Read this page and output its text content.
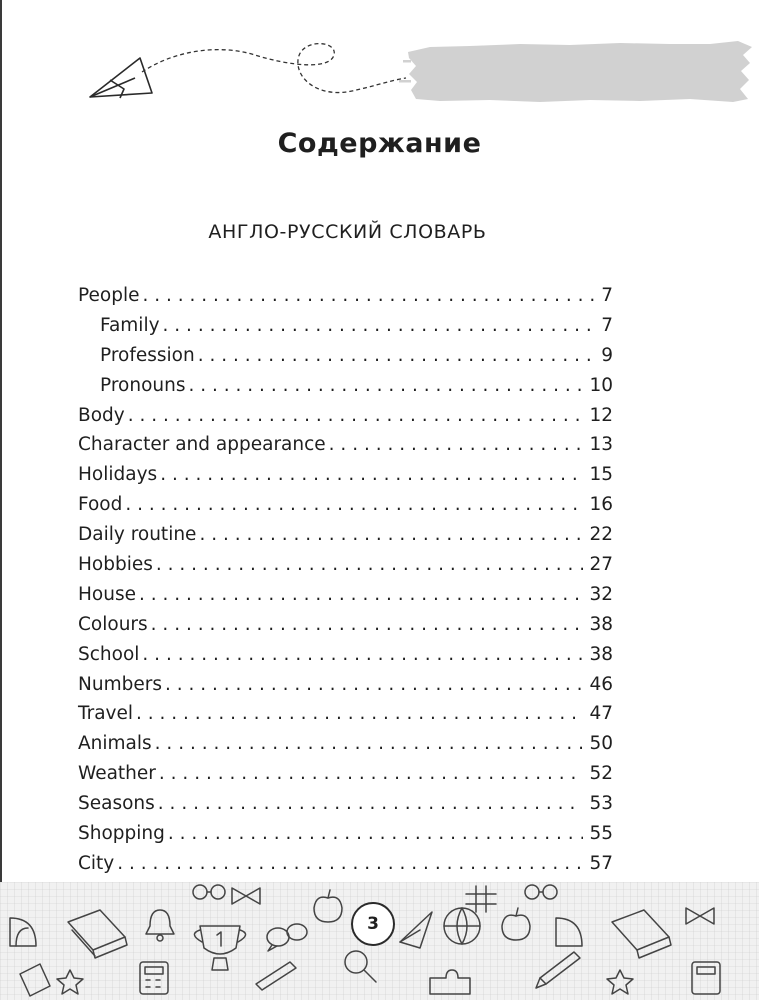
Содержание
АНГЛО-РУССКИЙ СЛОВАРЬ
People . . .	7
Family . . .	7
Profession . . .	9
Pronouns . . .	10
Body . . .	12
Character and appearance . . .	13
Holidays . . .	15
Food . . .	16
Daily routine . . .	22
Hobbies . . .	27
House . . .	32
Colours . . .	38
School . . .	38
Numbers . . .	46
Travel . . .	47
Animals . . .	50
Weather . . .	52
Seasons . . .	53
Shopping . . .	55
City . . .	57
3
